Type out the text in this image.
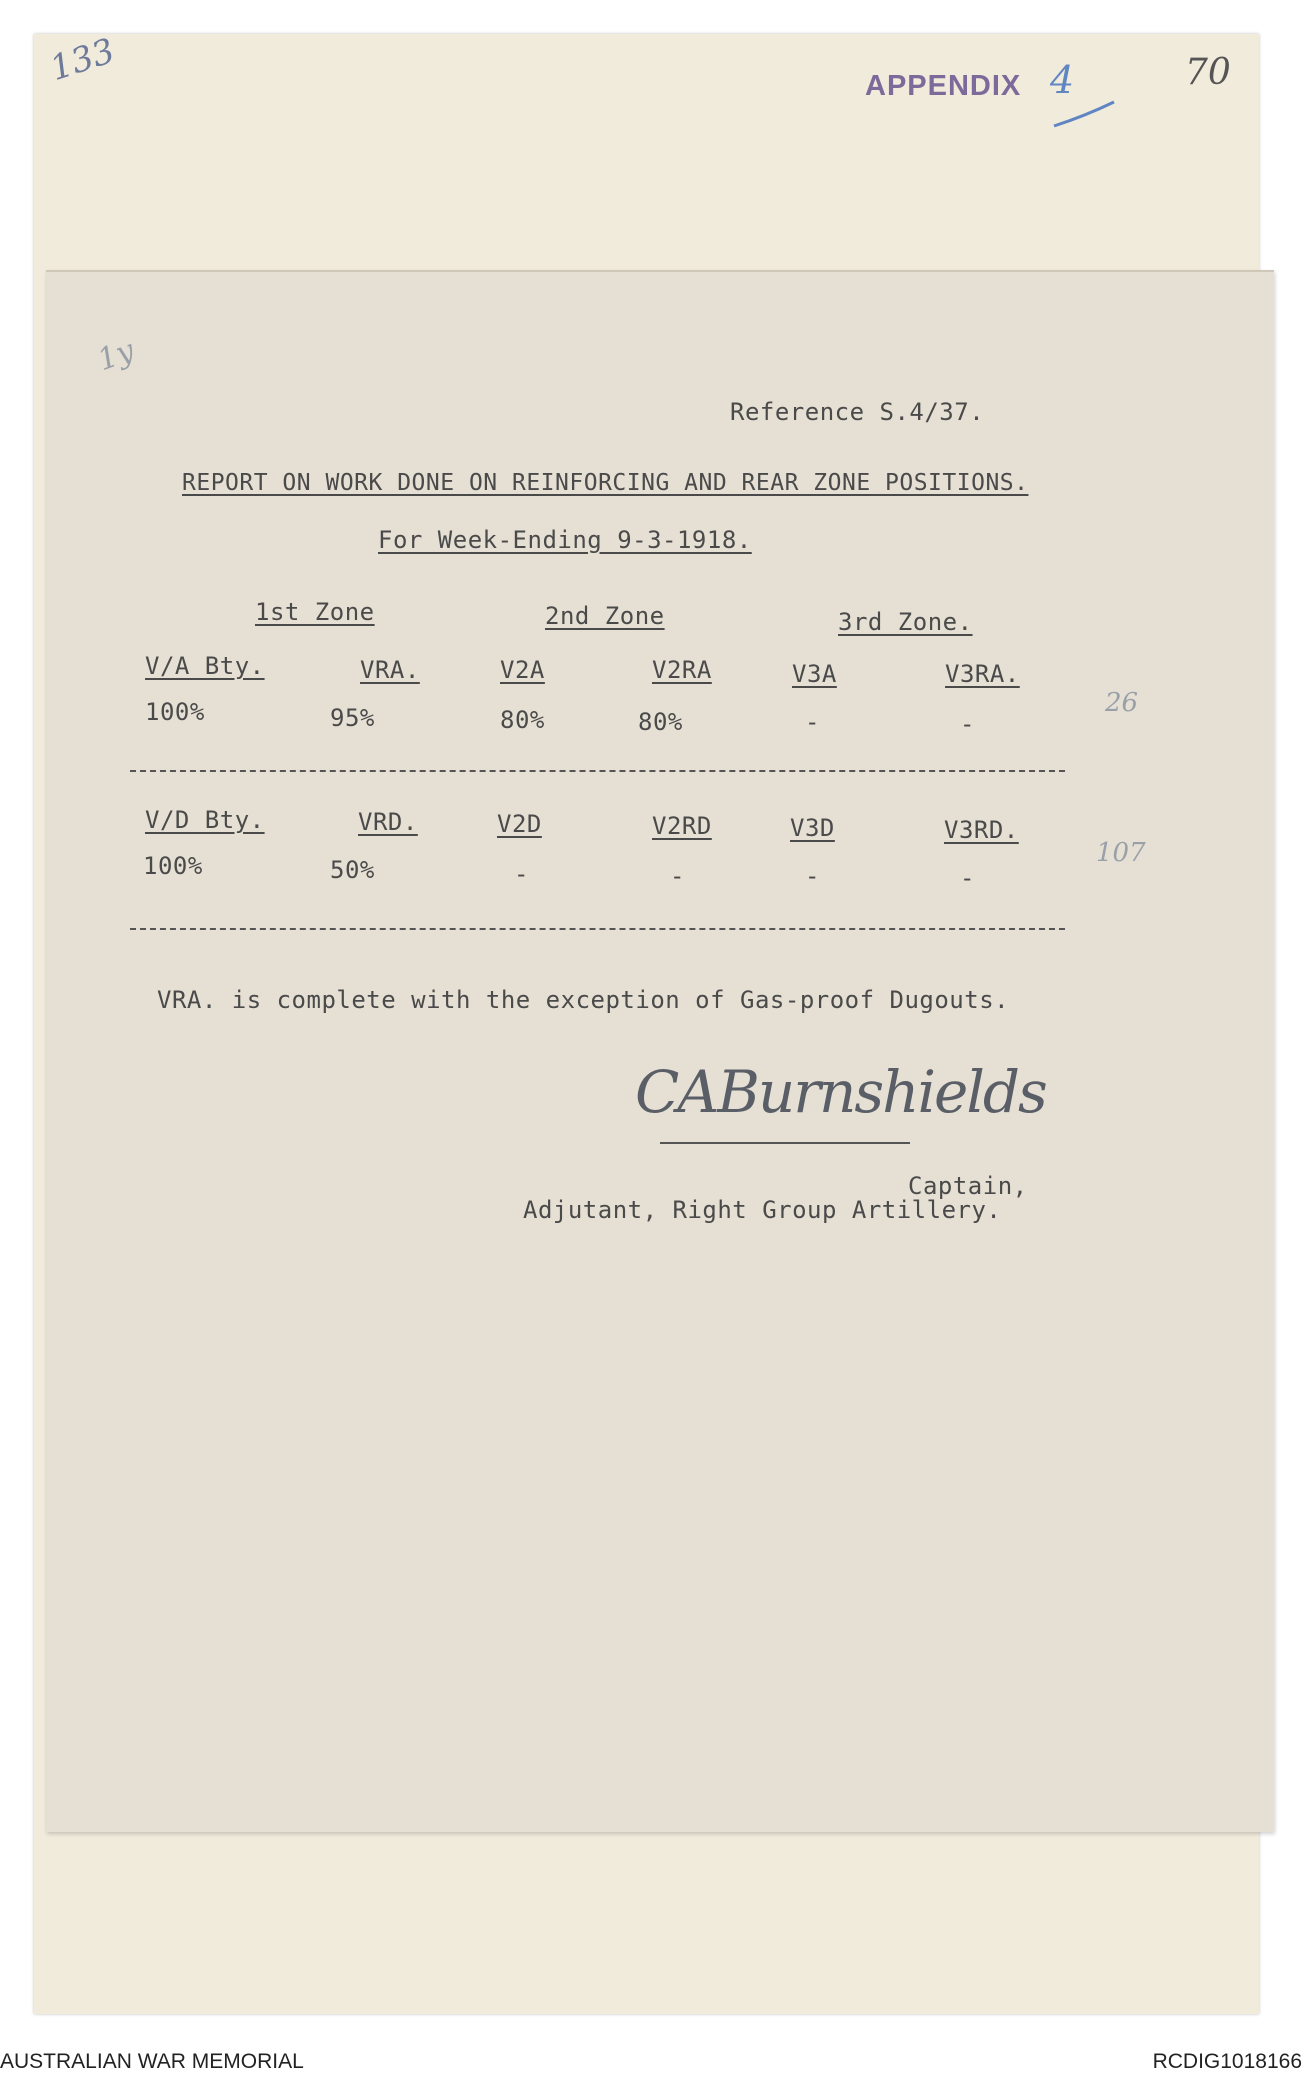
133	APPENDIX 4	70
1y
Reference S.4/37.
REPORT ON WORK DONE ON REINFORCING AND REAR ZONE POSITIONS.
For Week-Ending 9-3-1918.
1st Zone	2nd Zone	3rd Zone.
V/A Bty.	VRA.	V2A	V2RA	V3A	V3RA.
100%	95%	80%	80%	-	-
26
V/D Bty.	VRD.	V2D	V2RD	V3D	V3RD.
100%	50%	-	-	-	-
107
VRA. is complete with the exception of Gas-proof Dugouts.
CABurnshields
Captain,
Adjutant, Right Group Artillery.
AUSTRALIAN WAR MEMORIAL	RCDIG1018166
